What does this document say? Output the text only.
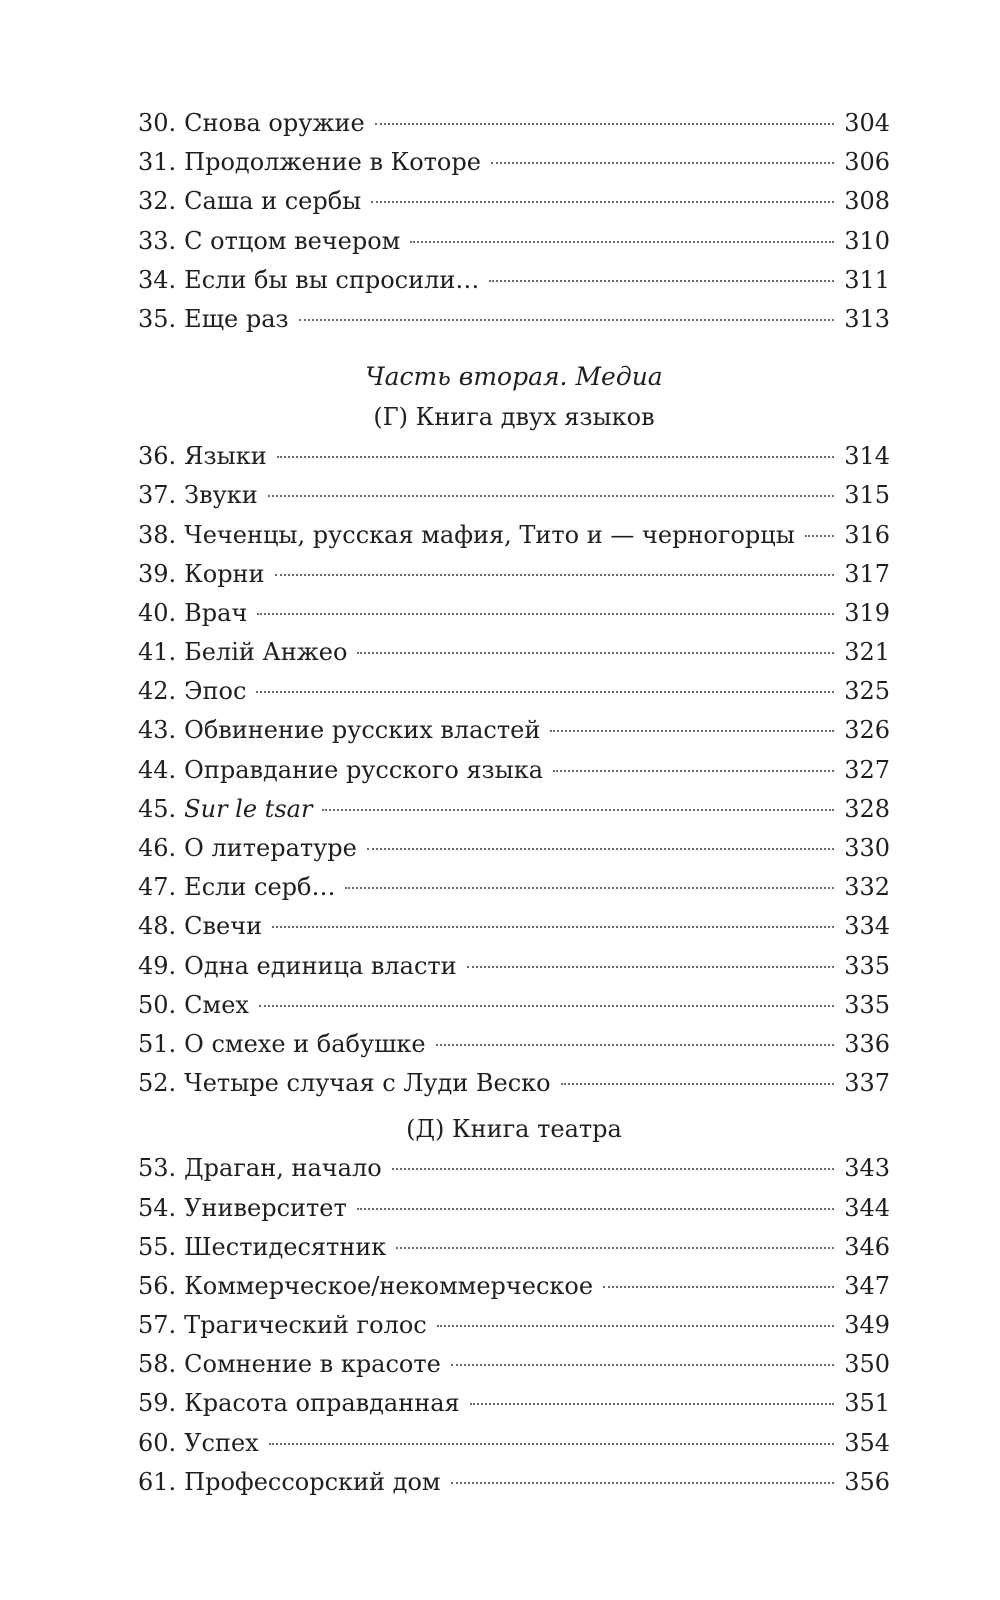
30. Снова оружие	304
31. Продолжение в Которе	306
32. Саша и сербы	308
33. С отцом вечером	310
34. Если бы вы спросили…	311
35. Еще раз	313
Часть вторая. Медиа
(Г) Книга двух языков
36. Языки	314
37. Звуки	315
38. Чеченцы, русская мафия, Тито и — черногорцы 316
39. Корни	317
40. Врач	319
41. Белій Анжео	321
42. Эпос	325
43. Обвинение русских властей	326
44. Оправдание русского языка	327
45. Sur le tsar	328
46. О литературе	330
47. Если серб…	332
48. Свечи	334
49. Одна единица власти	335
50. Смех	335
51. О смехе и бабушке	336
52. Четыре случая с Луди Веско	337
(Д) Книга театра
53. Драган, начало	343
54. Университет	344
55. Шестидесятник	346
56. Коммерческое/некоммерческое	347
57. Трагический голос	349
58. Сомнение в красоте	350
59. Красота оправданная	351
60. Успех	354
61. Профессорский дом	356
